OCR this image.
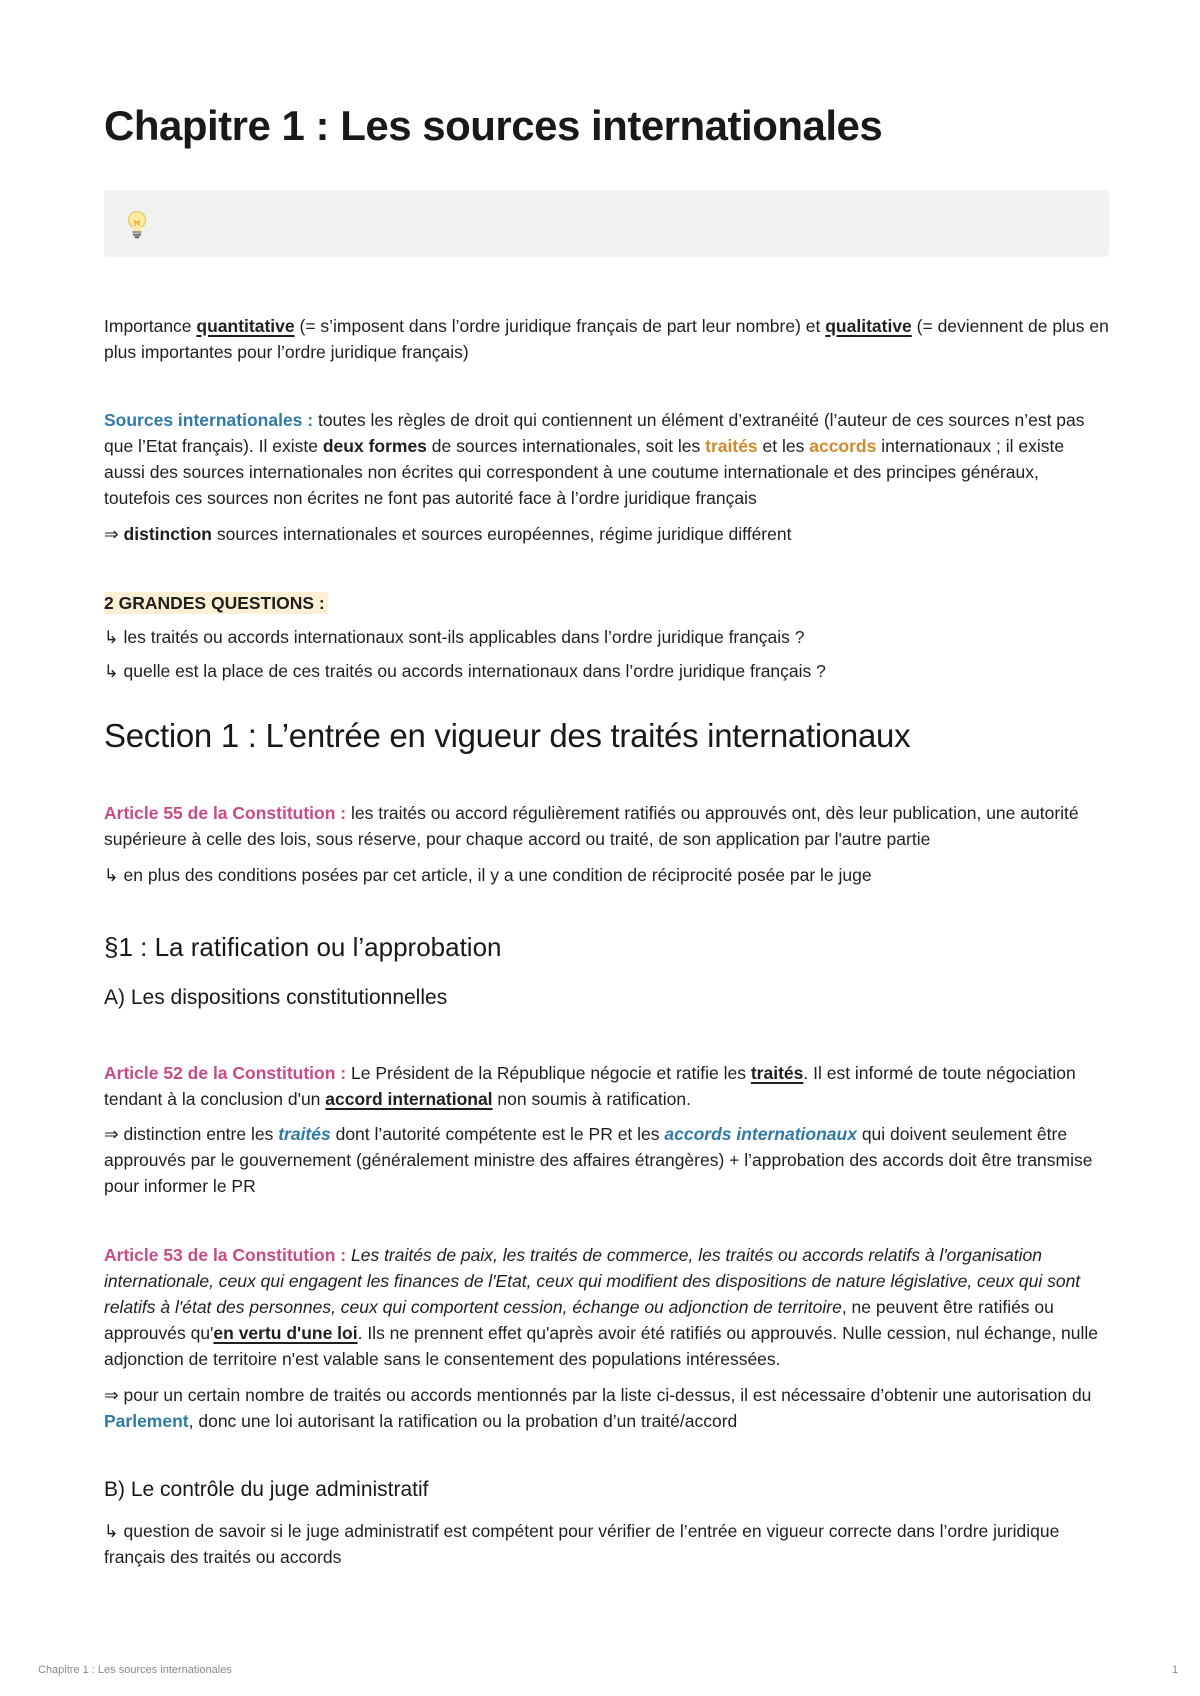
Chapitre 1 : Les sources internationales

Importance quantitative (= s’imposent dans l’ordre juridique français de part leur nombre) et qualitative (= deviennent de plus en plus importantes pour l’ordre juridique français)

Sources internationales : toutes les règles de droit qui contiennent un élément d’extranéité (l’auteur de ces sources n’est pas que l’Etat français). Il existe deux formes de sources internationales, soit les traités et les accords internationaux ; il existe aussi des sources internationales non écrites qui correspondent à une coutume internationale et des principes généraux, toutefois ces sources non écrites ne font pas autorité face à l’ordre juridique français

⇒ distinction sources internationales et sources européennes, régime juridique différent

2 GRANDES QUESTIONS :

↳ les traités ou accords internationaux sont-ils applicables dans l’ordre juridique français ?

↳ quelle est la place de ces traités ou accords internationaux dans l’ordre juridique français ?

Section 1 : L’entrée en vigueur des traités internationaux

Article 55 de la Constitution : les traités ou accord régulièrement ratifiés ou approuvés ont, dès leur publication, une autorité supérieure à celle des lois, sous réserve, pour chaque accord ou traité, de son application par l'autre partie

↳ en plus des conditions posées par cet article, il y a une condition de réciprocité posée par le juge

§1 : La ratification ou l’approbation
A) Les dispositions constitutionnelles

Article 52 de la Constitution : Le Président de la République négocie et ratifie les traités. Il est informé de toute négociation tendant à la conclusion d'un accord international non soumis à ratification.

⇒ distinction entre les traités dont l’autorité compétente est le PR et les accords internationaux qui doivent seulement être approuvés par le gouvernement (généralement ministre des affaires étrangères) + l’approbation des accords doit être transmise pour informer le PR

Article 53 de la Constitution : Les traités de paix, les traités de commerce, les traités ou accords relatifs à l'organisation internationale, ceux qui engagent les finances de l'Etat, ceux qui modifient des dispositions de nature législative, ceux qui sont relatifs à l'état des personnes, ceux qui comportent cession, échange ou adjonction de territoire, ne peuvent être ratifiés ou approuvés qu'en vertu d'une loi. Ils ne prennent effet qu'après avoir été ratifiés ou approuvés. Nulle cession, nul échange, nulle adjonction de territoire n'est valable sans le consentement des populations intéressées.

⇒ pour un certain nombre de traités ou accords mentionnés par la liste ci-dessus, il est nécessaire d’obtenir une autorisation du Parlement, donc une loi autorisant la ratification ou la probation d’un traité/accord

B) Le contrôle du juge administratif

↳ question de savoir si le juge administratif est compétent pour vérifier de l’entrée en vigueur correcte dans l’ordre juridique français des traités ou accords

Chapitre 1 : Les sources internationales	1
